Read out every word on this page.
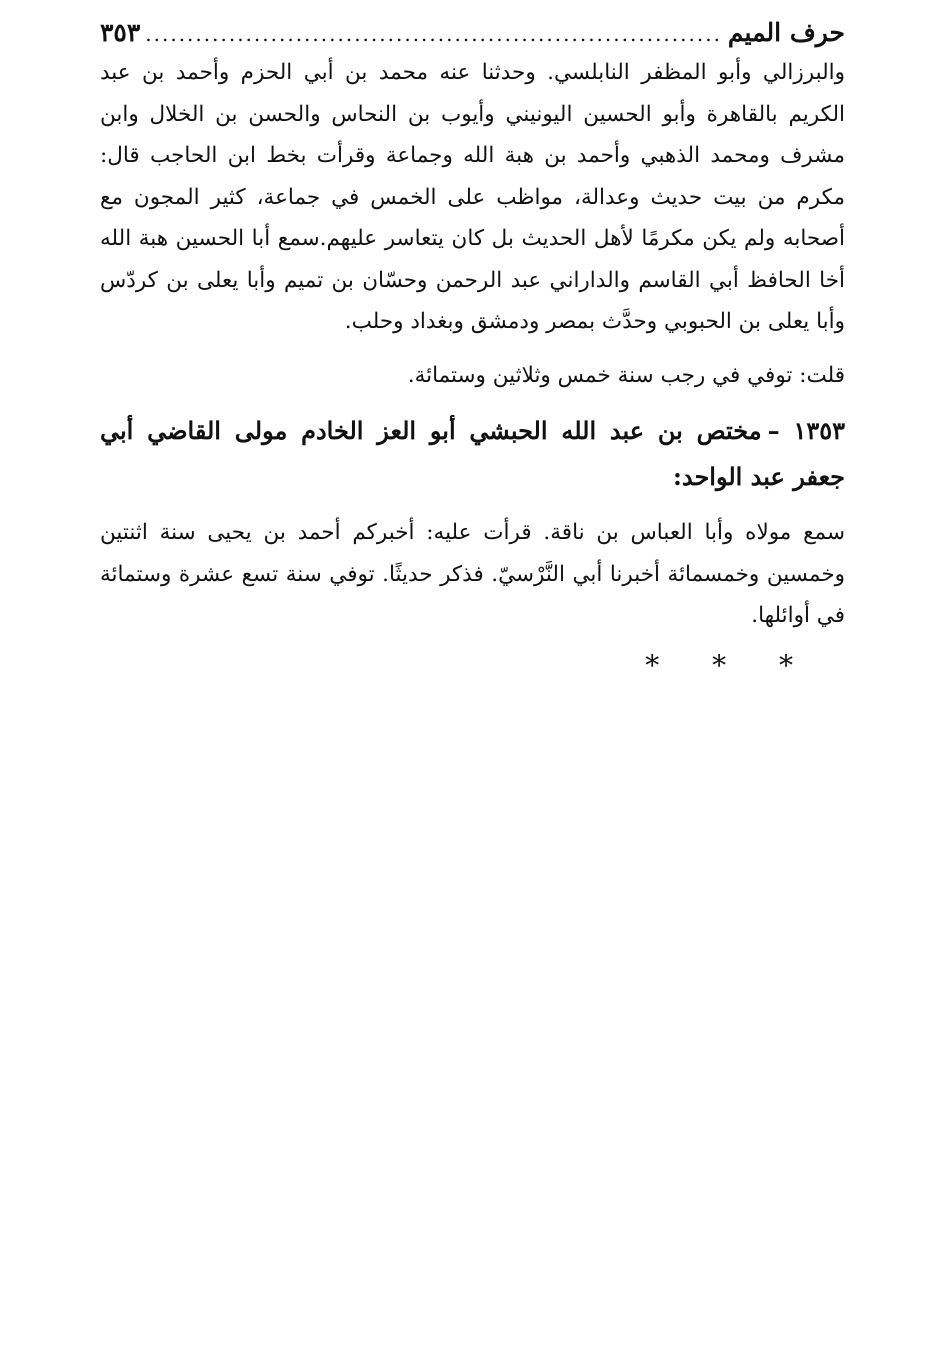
حرف الميم
.....
٣٥٣

والبرزالي وأبو المظفر النابلسي. وحدثنا عنه محمد بن أبي الحزم وأحمد بن عبد الكريم بالقاهرة وأبو الحسين اليونيني وأيوب بن النحاس والحسن بن الخلال وابن مشرف ومحمد الذهبي وأحمد بن هبة الله وجماعة وقرأت بخط ابن الحاجب قال: مكرم من بيت حديث وعدالة، مواظب على الخمس في جماعة، كثير المجون مع أصحابه ولم يكن مكرمًا لأهل الحديث بل كان يتعاسر عليهم.سمع أبا الحسين هبة الله أخا الحافظ أبي القاسم والداراني عبد الرحمن وحسّان بن تميم وأبا يعلى بن كردّس وأبا يعلى بن الحبوبي وحدَّث بمصر ودمشق وبغداد وحلب.

قلت: توفي في رجب سنة خمس وثلاثين وستمائة.

١٣٥٣ –مختص بن عبد الله الحبشي أبو العز الخادم مولى القاضي أبي جعفر عبد الواحد:

سمع مولاه وأبا العباس بن ناقة. قرأت عليه: أخبركم أحمد بن يحيى سنة اثنتين وخمسين وخمسمائة أخبرنا أبي النَّرْسيّ. فذكر حديثًا. توفي سنة تسع عشرة وستمائة في أوائلها.

* * *
